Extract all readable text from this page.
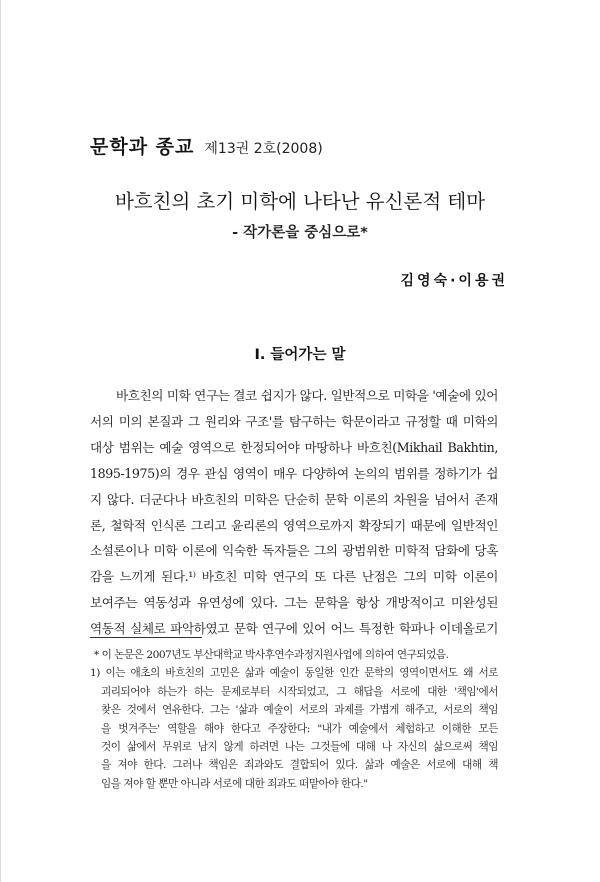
문학과 종교 제13권 2호(2008)
바흐친의 초기 미학에 나타난 유신론적 테마
- 작가론을 중심으로*
김영숙·이용권
I. 들어가는 말

바흐친의 미학 연구는 결코 쉽지가 않다. 일반적으로 미학을 '예술에 있어

서의 미의 본질과 그 원리와 구조'를 탐구하는 학문이라고 규정할 때 미학의

대상 범위는 예술 영역으로 한정되어야 마땅하나 바흐친(Mikhail Bakhtin,

1895-1975)의 경우 관심 영역이 매우 다양하여 논의의 범위를 정하기가 쉽

지 않다. 더군다나 바흐친의 미학은 단순히 문학 이론의 차원을 넘어서 존재

론, 철학적 인식론 그리고 윤리론의 영역으로까지 확장되기 때문에 일반적인

소설론이나 미학 이론에 익숙한 독자들은 그의 광범위한 미학적 담화에 당혹

감을 느끼게 된다.¹⁾ 바흐친 미학 연구의 또 다른 난점은 그의 미학 이론이

보여주는 역동성과 유연성에 있다. 그는 문학을 항상 개방적이고 미완성된

역동적 실체로 파악하였고 문학 연구에 있어 어느 특정한 학파나 이데올로기

* 이 논문은 2007년도 부산대학교 박사후연수과정지원사업에 의하여 연구되었음.

1) 이는 애초의 바흐친의 고민은 삶과 예술이 동일한 인간 문학의 영역이면서도 왜 서로

괴리되어야 하는가 하는 문제로부터 시작되었고, 그 해답을 서로에 대한 '책임'에서

찾은 것에서 연유한다. 그는 '삶과 예술이 서로의 과제를 가볍게 해주고, 서로의 책임

을 벗겨주는' 역할을 해야 한다고 주장한다: "내가 예술에서 체험하고 이해한 모든

것이 삶에서 무위로 남지 않게 하려면 나는 그것들에 대해 나 자신의 삶으로써 책임

을 져야 한다. 그러나 책임은 죄과와도 결합되어 있다. 삶과 예술은 서로에 대해 책

임을 져야 할 뿐만 아니라 서로에 대한 죄과도 떠맡아야 한다."
